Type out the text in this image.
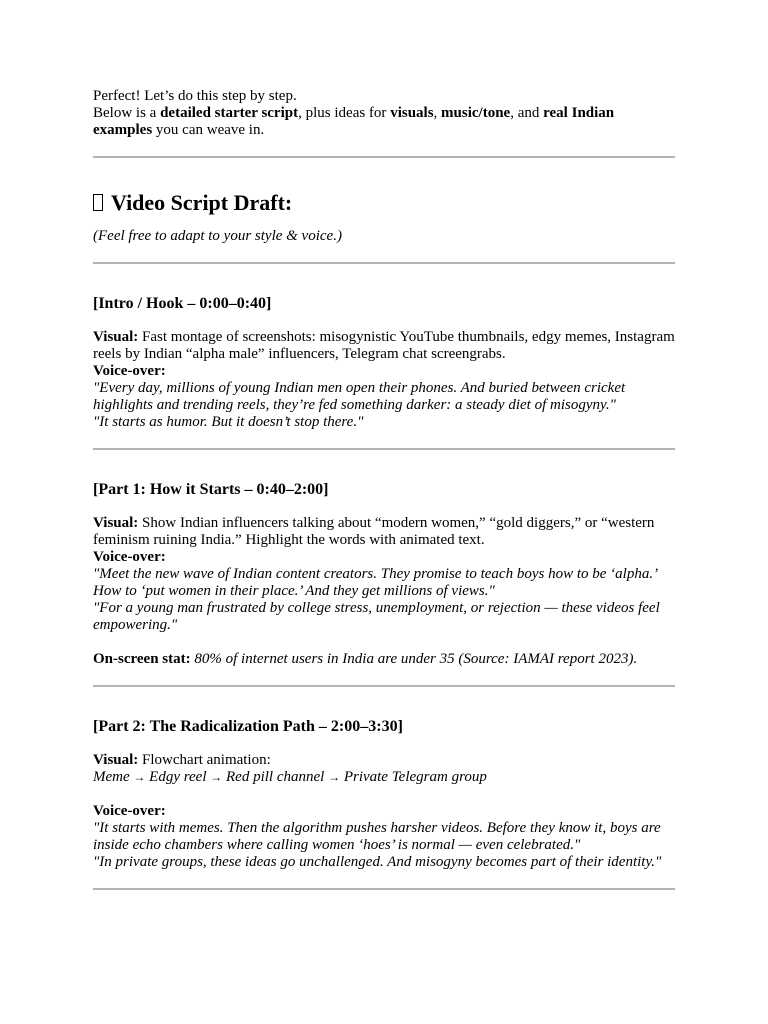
Perfect! Let’s do this step by step.

Below is a detailed starter script, plus ideas for visuals, music/tone, and real Indian examples you can weave in.

Video Script Draft:

(Feel free to adapt to your style & voice.)

[Intro / Hook – 0:00–0:40]

Visual: Fast montage of screenshots: misogynistic YouTube thumbnails, edgy memes, Instagram reels by Indian “alpha male” influencers, Telegram chat screengrabs.

Voice-over:

"Every day, millions of young Indian men open their phones. And buried between cricket highlights and trending reels, they’re fed something darker: a steady diet of misogyny."

"It starts as humor. But it doesn’t stop there."

[Part 1: How it Starts – 0:40–2:00]

Visual: Show Indian influencers talking about “modern women,” “gold diggers,” or “western feminism ruining India.” Highlight the words with animated text.

Voice-over:

"Meet the new wave of Indian content creators. They promise to teach boys how to be ‘alpha.’ How to ‘put women in their place.’ And they get millions of views."

"For a young man frustrated by college stress, unemployment, or rejection — these videos feel empowering."

On-screen stat: 80% of internet users in India are under 35 (Source: IAMAI report 2023).

[Part 2: The Radicalization Path – 2:00–3:30]

Visual: Flowchart animation:

Meme → Edgy reel → Red pill channel → Private Telegram group

Voice-over:

"It starts with memes. Then the algorithm pushes harsher videos. Before they know it, boys are inside echo chambers where calling women ‘hoes’ is normal — even celebrated."

"In private groups, these ideas go unchallenged. And misogyny becomes part of their identity."
